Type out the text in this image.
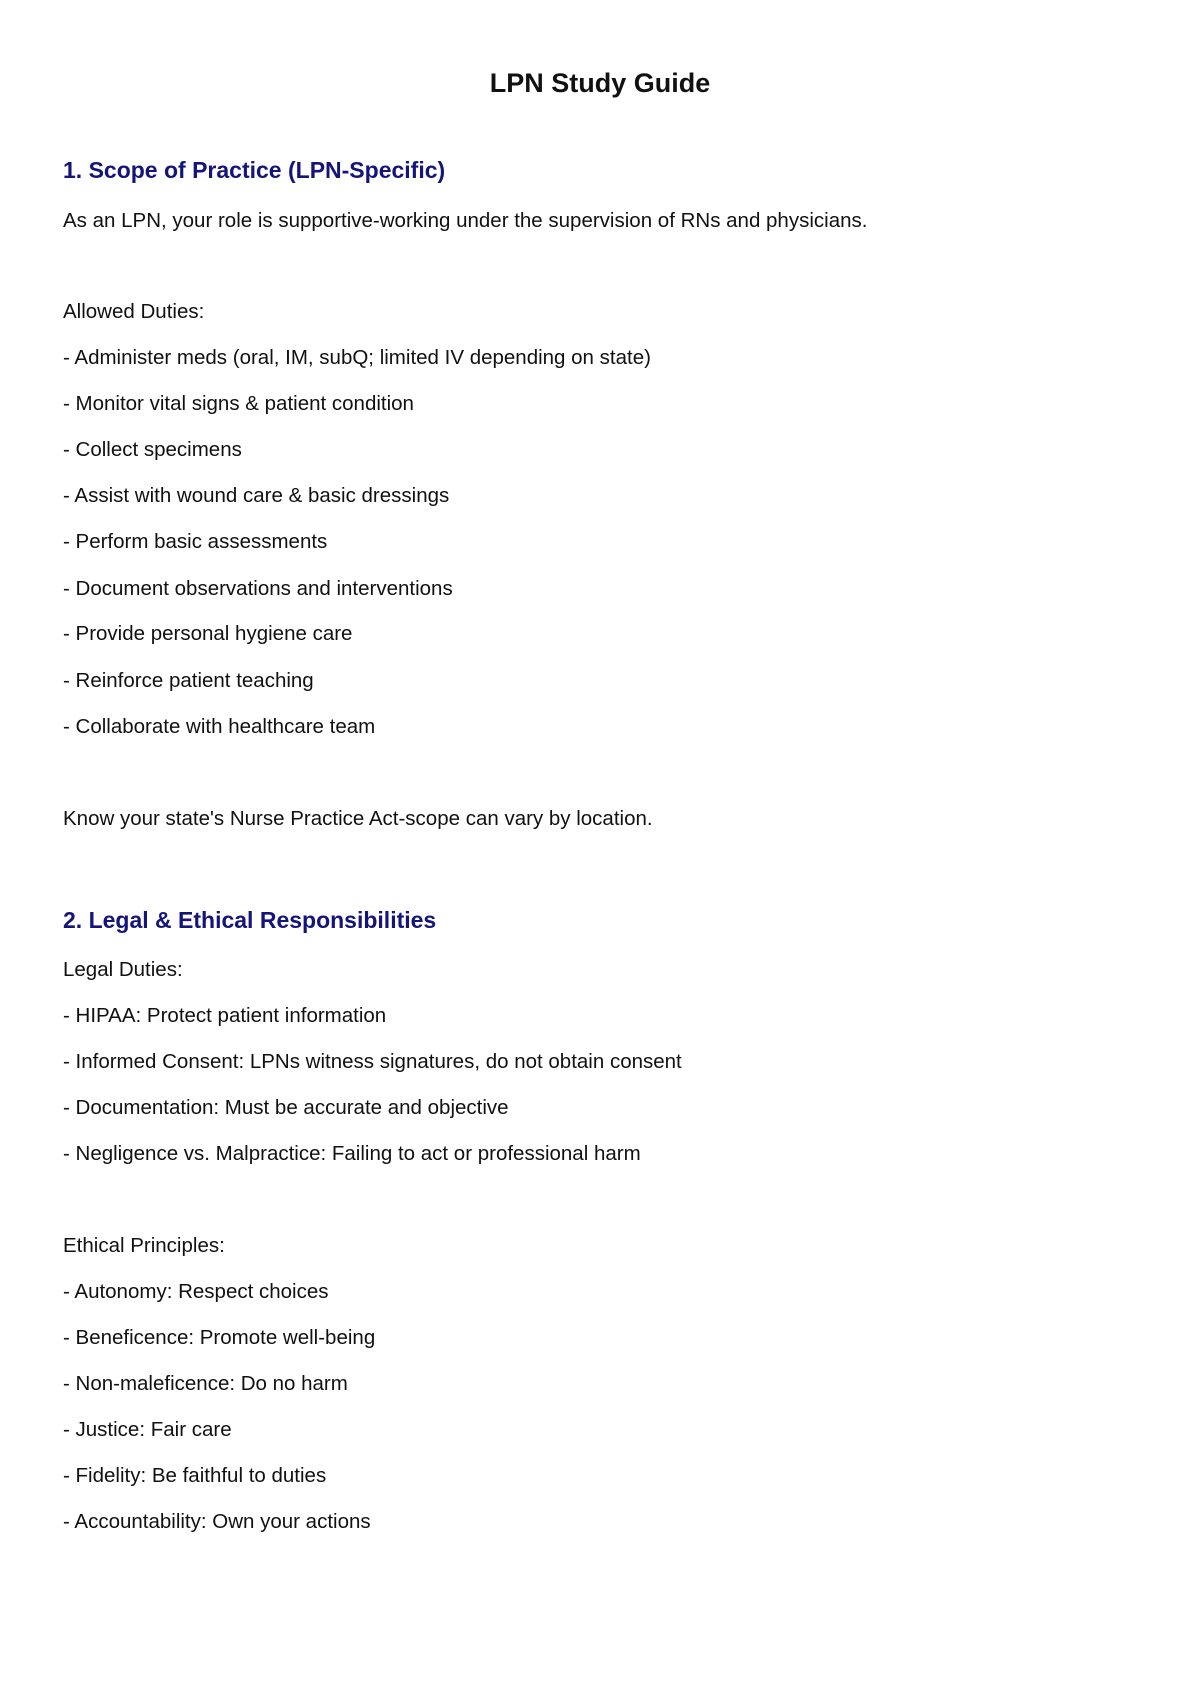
LPN Study Guide
1. Scope of Practice (LPN-Specific)

As an LPN, your role is supportive-working under the supervision of RNs and physicians.

Allowed Duties:

- Administer meds (oral, IM, subQ; limited IV depending on state)

- Monitor vital signs & patient condition

- Collect specimens

- Assist with wound care & basic dressings

- Perform basic assessments

- Document observations and interventions

- Provide personal hygiene care

- Reinforce patient teaching

- Collaborate with healthcare team

Know your state's Nurse Practice Act-scope can vary by location.

2. Legal & Ethical Responsibilities

Legal Duties:

- HIPAA: Protect patient information

- Informed Consent: LPNs witness signatures, do not obtain consent

- Documentation: Must be accurate and objective

- Negligence vs. Malpractice: Failing to act or professional harm

Ethical Principles:

- Autonomy: Respect choices

- Beneficence: Promote well-being

- Non-maleficence: Do no harm

- Justice: Fair care

- Fidelity: Be faithful to duties

- Accountability: Own your actions
